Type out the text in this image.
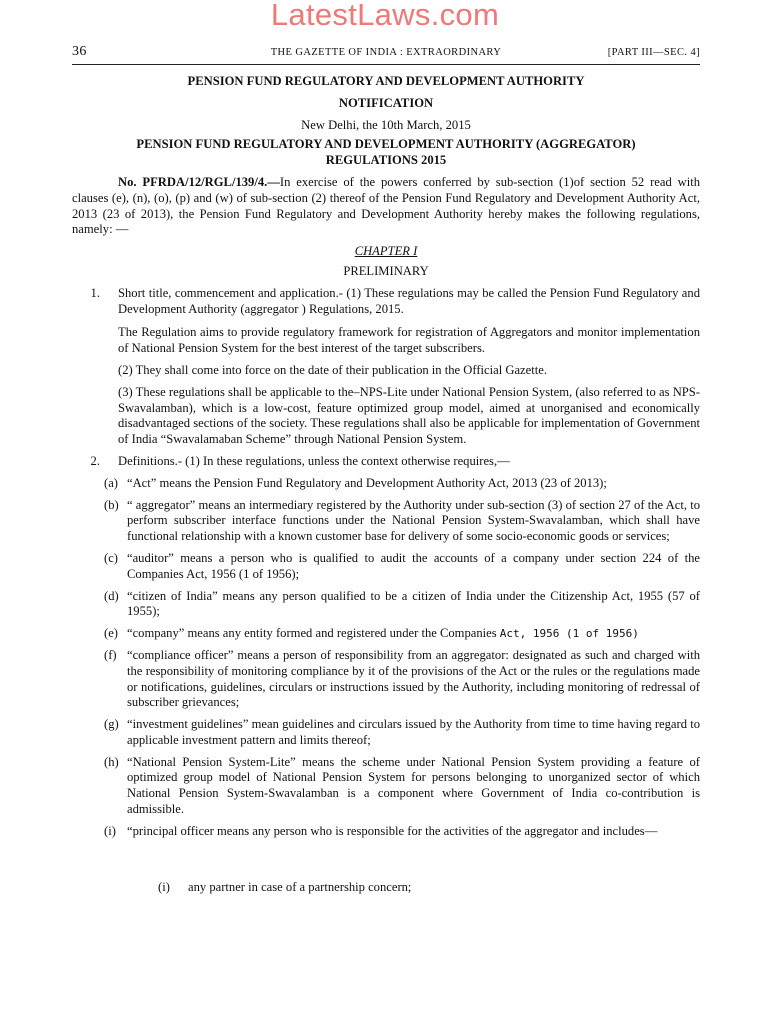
LatestLaws.com
36	THE GAZETTE OF INDIA : EXTRAORDINARY	[PART III—SEC. 4]

PENSION FUND REGULATORY AND DEVELOPMENT AUTHORITY

NOTIFICATION

New Delhi, the 10th March, 2015

PENSION FUND REGULATORY AND DEVELOPMENT AUTHORITY (AGGREGATOR) REGULATIONS 2015

No. PFRDA/12/RGL/139/4.—In exercise of the powers conferred by sub-section (1)of section 52 read with clauses (e), (n), (o), (p) and (w) of sub-section (2) thereof of the Pension Fund Regulatory and Development Authority Act, 2013 (23 of 2013), the Pension Fund Regulatory and Development Authority hereby makes the following regulations, namely: —

CHAPTER I

PRELIMINARY

1. Short title, commencement and application.- (1) These regulations may be called the Pension Fund Regulatory and Development Authority (aggregator ) Regulations, 2015.

The Regulation aims to provide regulatory framework for registration of Aggregators and monitor implementation of National Pension System for the best interest of the target subscribers.

(2) They shall come into force on the date of their publication in the Official Gazette.

(3) These regulations shall be applicable to the–NPS-Lite under National Pension System, (also referred to as NPS-Swavalamban), which is a low-cost, feature optimized group model, aimed at unorganised and economically disadvantaged sections of the society. These regulations shall also be applicable for implementation of Government of India “Swavalamaban Scheme” through National Pension System.

2. Definitions.- (1) In these regulations, unless the context otherwise requires,—
(a) “Act” means the Pension Fund Regulatory and Development Authority Act, 2013 (23 of 2013);
(b) “ aggregator” means an intermediary registered by the Authority under sub-section (3) of section 27 of the Act, to perform subscriber interface functions under the National Pension System-Swavalamban, which shall have functional relationship with a known customer base for delivery of some socio-economic goods or services;
(c) “auditor” means a person who is qualified to audit the accounts of a company under section 224 of the Companies Act, 1956 (1 of 1956);
(d) “citizen of India” means any person qualified to be a citizen of India under the Citizenship Act, 1955 (57 of 1955);
(e) “company” means any entity formed and registered under the Companies Act, 1956 (1 of 1956)
(f) “compliance officer” means a person of responsibility from an aggregator: designated as such and charged with the responsibility of monitoring compliance by it of the provisions of the Act or the rules or the regulations made or notifications, guidelines, circulars or instructions issued by the Authority, including monitoring of redressal of subscriber grievances;
(g) “investment guidelines” mean guidelines and circulars issued by the Authority from time to time having regard to applicable investment pattern and limits thereof;
(h) “National Pension System-Lite” means the scheme under National Pension System providing a feature of optimized group model of National Pension System for persons belonging to unorganized sector of which National Pension System-Swavalamban is a component where Government of India co-contribution is admissible.
(i) “principal officer means any person who is responsible for the activities of the aggregator and includes—
(i)	any partner in case of a partnership concern;
